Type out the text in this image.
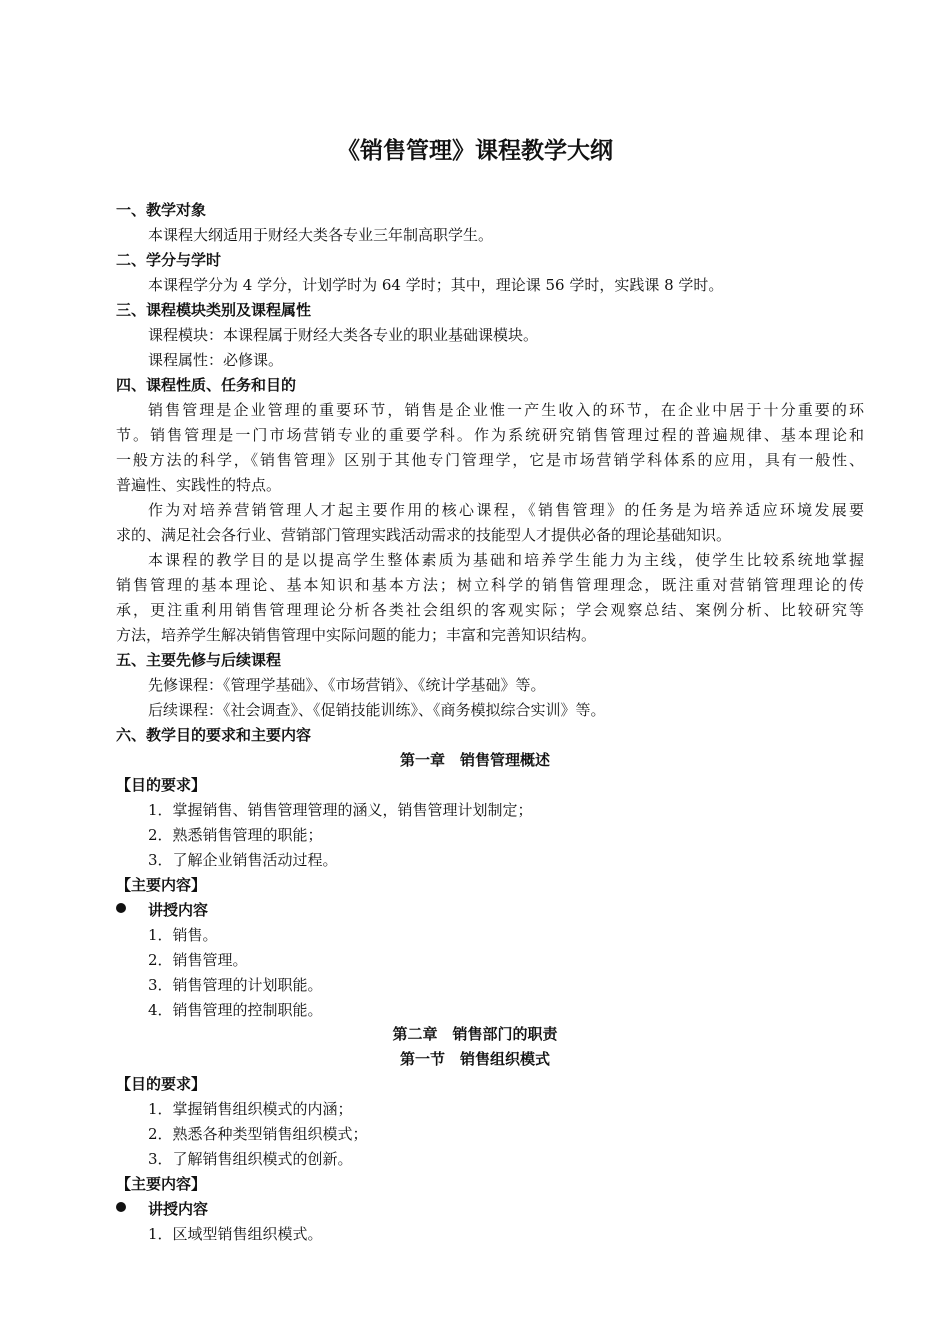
《销售管理》课程教学大纲
一、教学对象
本课程大纲适用于财经大类各专业三年制高职学生。
二、学分与学时
本课程学分为 4 学分，计划学时为 64 学时；其中，理论课 56 学时，实践课 8 学时。
三、课程模块类别及课程属性
课程模块：本课程属于财经大类各专业的职业基础课模块。
课程属性：必修课。
四、课程性质、任务和目的
销售管理是企业管理的重要环节，销售是企业惟一产生收入的环节，在企业中居于十分重要的环
节。销售管理是一门市场营销专业的重要学科。作为系统研究销售管理过程的普遍规律、基本理论和
一般方法的科学，《销售管理》区别于其他专门管理学，它是市场营销学科体系的应用，具有一般性、
普遍性、实践性的特点。
作为对培养营销管理人才起主要作用的核心课程，《销售管理》的任务是为培养适应环境发展要
求的、满足社会各行业、营销部门管理实践活动需求的技能型人才提供必备的理论基础知识。
本课程的教学目的是以提高学生整体素质为基础和培养学生能力为主线，使学生比较系统地掌握
销售管理的基本理论、基本知识和基本方法；树立科学的销售管理理念，既注重对营销管理理论的传
承，更注重利用销售管理理论分析各类社会组织的客观实际；学会观察总结、案例分析、比较研究等
方法，培养学生解决销售管理中实际问题的能力；丰富和完善知识结构。
五、主要先修与后续课程
先修课程：《管理学基础》、《市场营销》、《统计学基础》等。
后续课程：《社会调查》、《促销技能训练》、《商务模拟综合实训》等。
六、教学目的要求和主要内容
第一章　销售管理概述
【目的要求】
1．掌握销售、销售管理管理的涵义，销售管理计划制定；
2．熟悉销售管理的职能；
3．了解企业销售活动过程。
【主要内容】
讲授内容
1．销售。
2．销售管理。
3．销售管理的计划职能。
4．销售管理的控制职能。
第二章　销售部门的职责
第一节　销售组织模式
【目的要求】
1．掌握销售组织模式的内涵；
2．熟悉各种类型销售组织模式；
3．了解销售组织模式的创新。
【主要内容】
讲授内容
1．区域型销售组织模式。
